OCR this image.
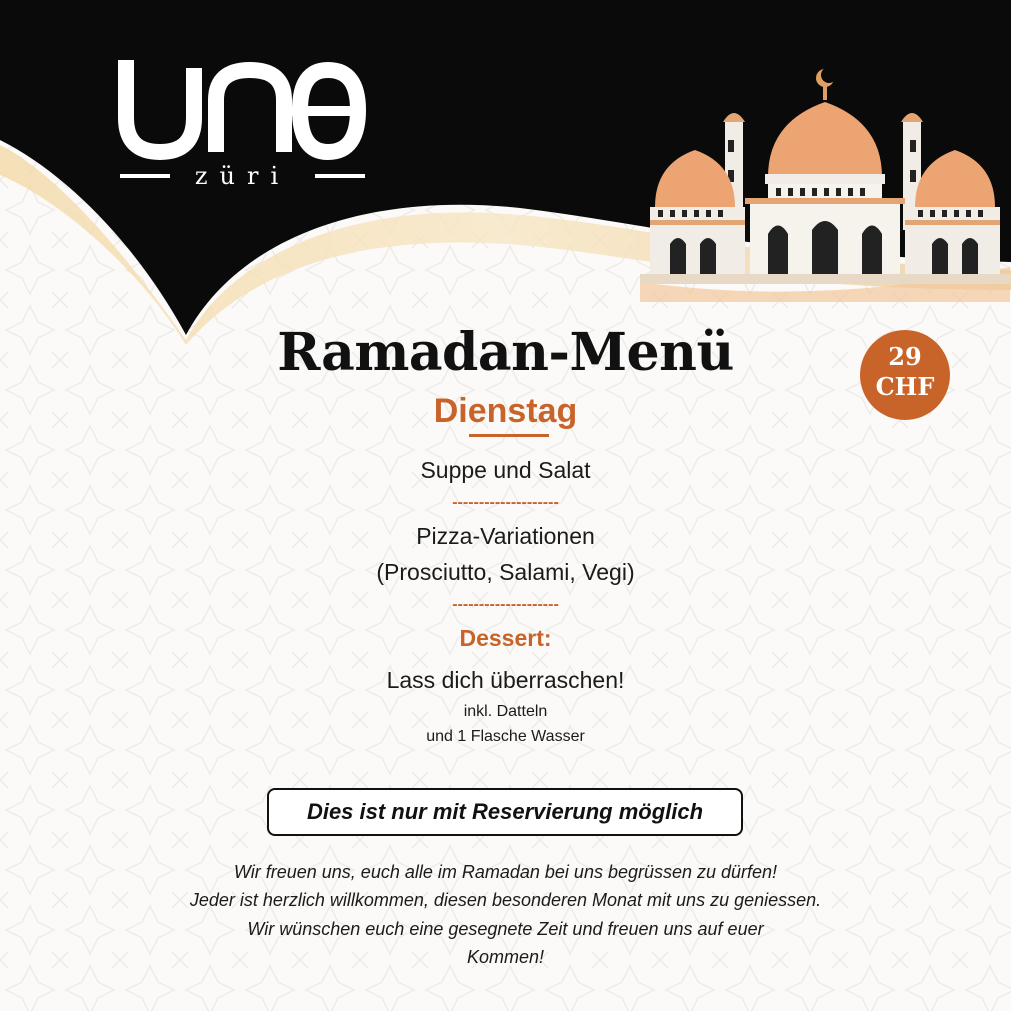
züri
Ramadan-Menü
Dienstag
29
CHF
Suppe und Salat
--------------------
Pizza-Variationen
(Prosciutto, Salami, Vegi)
--------------------
Dessert:
Lass dich überraschen!
inkl. Datteln
und 1 Flasche Wasser
Dies ist nur mit Reservierung möglich
Wir freuen uns, euch alle im Ramadan bei uns begrüssen zu dürfen!
Jeder ist herzlich willkommen, diesen besonderen Monat mit uns zu geniessen.
Wir wünschen euch eine gesegnete Zeit und freuen uns auf euer
Kommen!
